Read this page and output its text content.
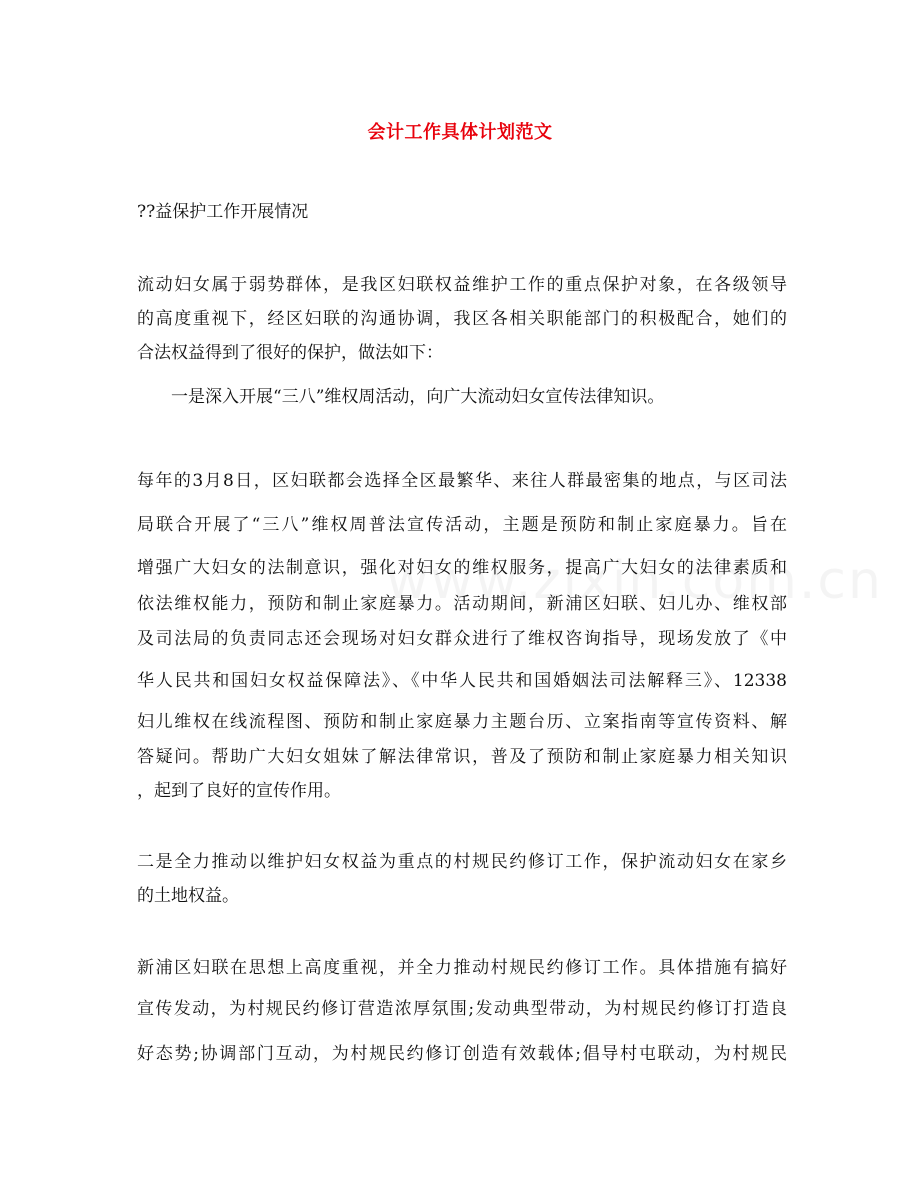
会计工作具体计划范文
??益保护工作开展情况
流动妇女属于弱势群体，是我区妇联权益维护工作的重点保护对象，在各级领导
的高度重视下，经区妇联的沟通协调，我区各相关职能部门的积极配合，她们的
合法权益得到了很好的保护，做法如下：
一是深入开展“三八”维权周活动，向广大流动妇女宣传法律知识。
每年的3月8日，区妇联都会选择全区最繁华、来往人群最密集的地点，与区司法
局联合开展了“三八”维权周普法宣传活动，主题是预防和制止家庭暴力。旨在
增强广大妇女的法制意识，强化对妇女的维权服务，提高广大妇女的法律素质和
依法维权能力，预防和制止家庭暴力。活动期间，新浦区妇联、妇儿办、维权部
及司法局的负责同志还会现场对妇女群众进行了维权咨询指导，现场发放了《中
华人民共和国妇女权益保障法》、《中华人民共和国婚姻法司法解释三》、12338
妇儿维权在线流程图、预防和制止家庭暴力主题台历、立案指南等宣传资料、解
答疑问。帮助广大妇女姐妹了解法律常识，普及了预防和制止家庭暴力相关知识
，起到了良好的宣传作用。
二是全力推动以维护妇女权益为重点的村规民约修订工作，保护流动妇女在家乡
的土地权益。
新浦区妇联在思想上高度重视，并全力推动村规民约修订工作。具体措施有搞好
宣传发动，为村规民约修订营造浓厚氛围;发动典型带动，为村规民约修订打造良
好态势;协调部门互动，为村规民约修订创造有效载体;倡导村屯联动，为村规民
